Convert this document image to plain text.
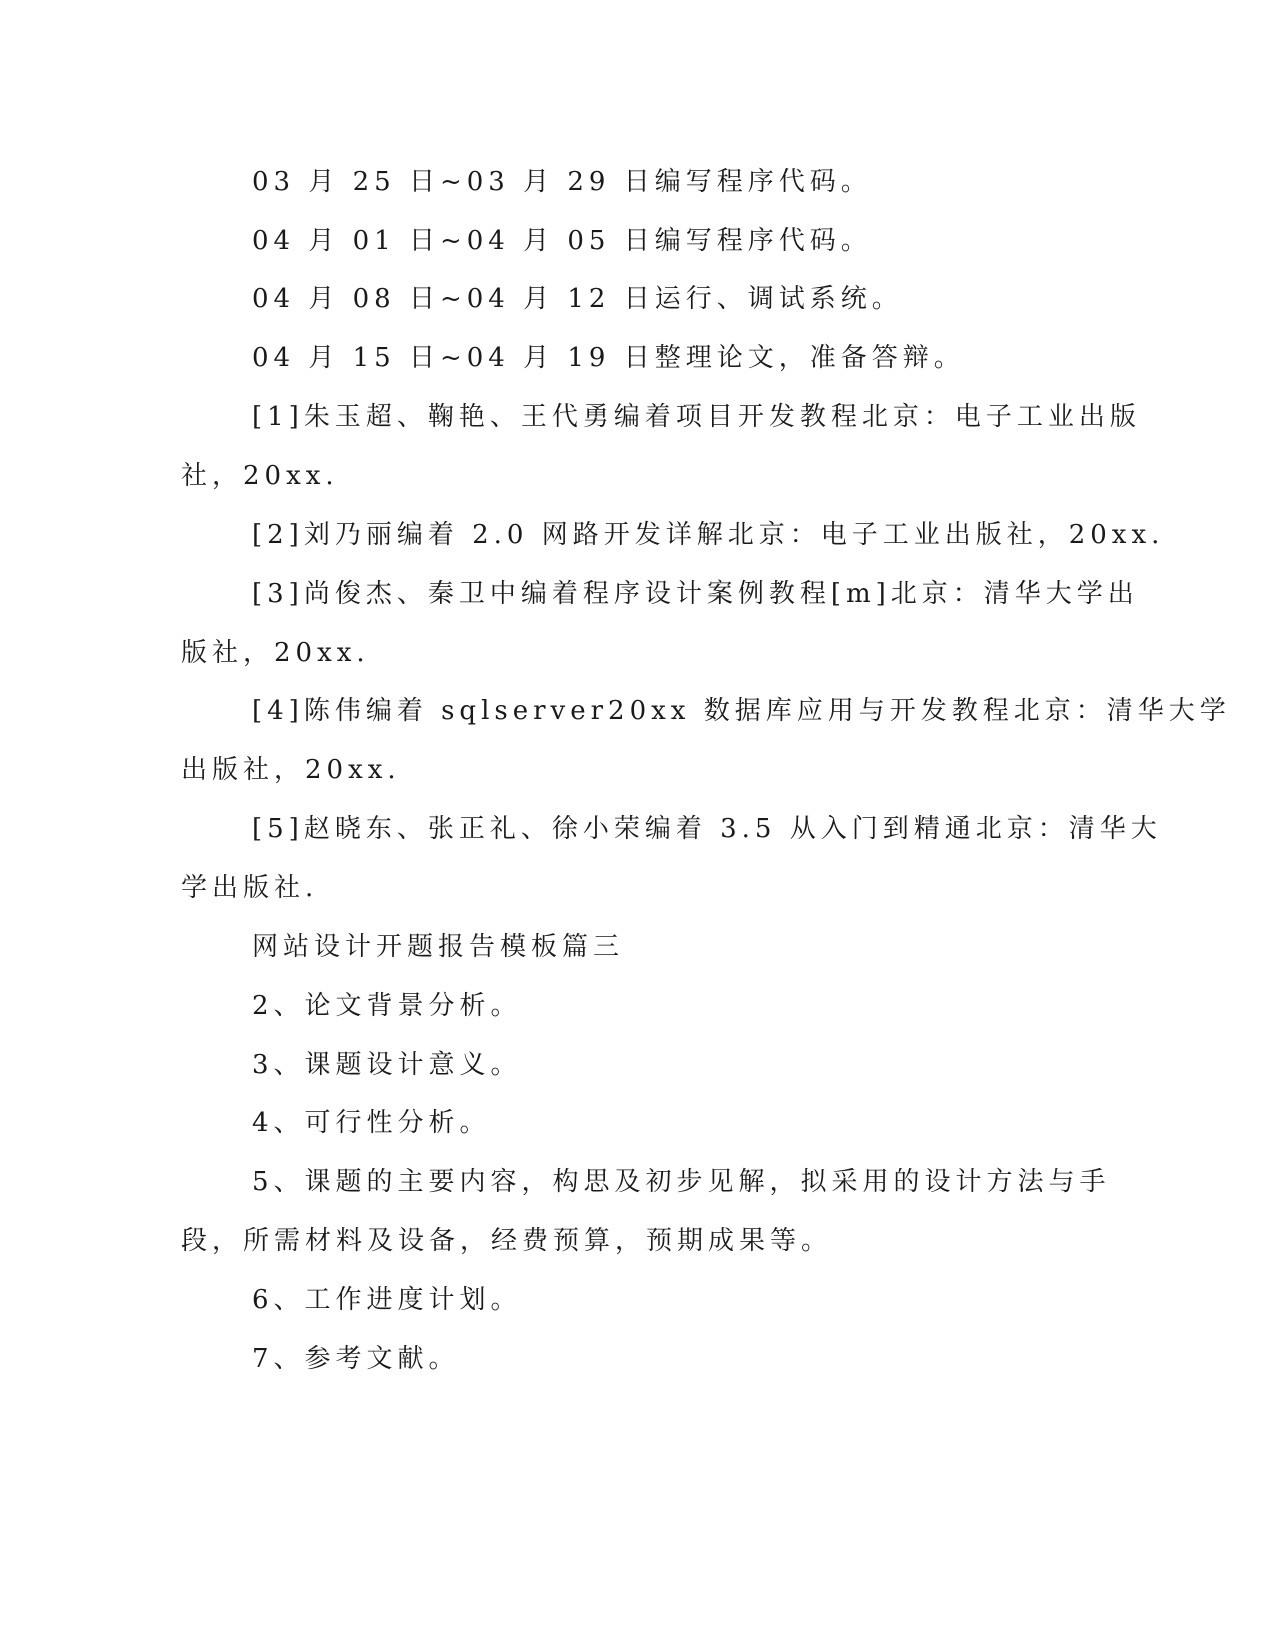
03 月 25 日~03 月 29 日编写程序代码。

04 月 01 日~04 月 05 日编写程序代码。

04 月 08 日~04 月 12 日运行、调试系统。

04 月 15 日~04 月 19 日整理论文，准备答辩。

[1]朱玉超、鞠艳、王代勇编着项目开发教程北京：电子工业出版

社，20xx.

[2]刘乃丽编着 2.0 网路开发详解北京：电子工业出版社，20xx.

[3]尚俊杰、秦卫中编着程序设计案例教程[m]北京：清华大学出

版社，20xx.

[4]陈伟编着 sqlserver20xx 数据库应用与开发教程北京：清华大学

出版社，20xx.

[5]赵晓东、张正礼、徐小荣编着 3.5 从入门到精通北京：清华大

学出版社.

网站设计开题报告模板篇三

2、论文背景分析。

3、课题设计意义。

4、可行性分析。

5、课题的主要内容，构思及初步见解，拟采用的设计方法与手

段，所需材料及设备，经费预算，预期成果等。

6、工作进度计划。

7、参考文献。
